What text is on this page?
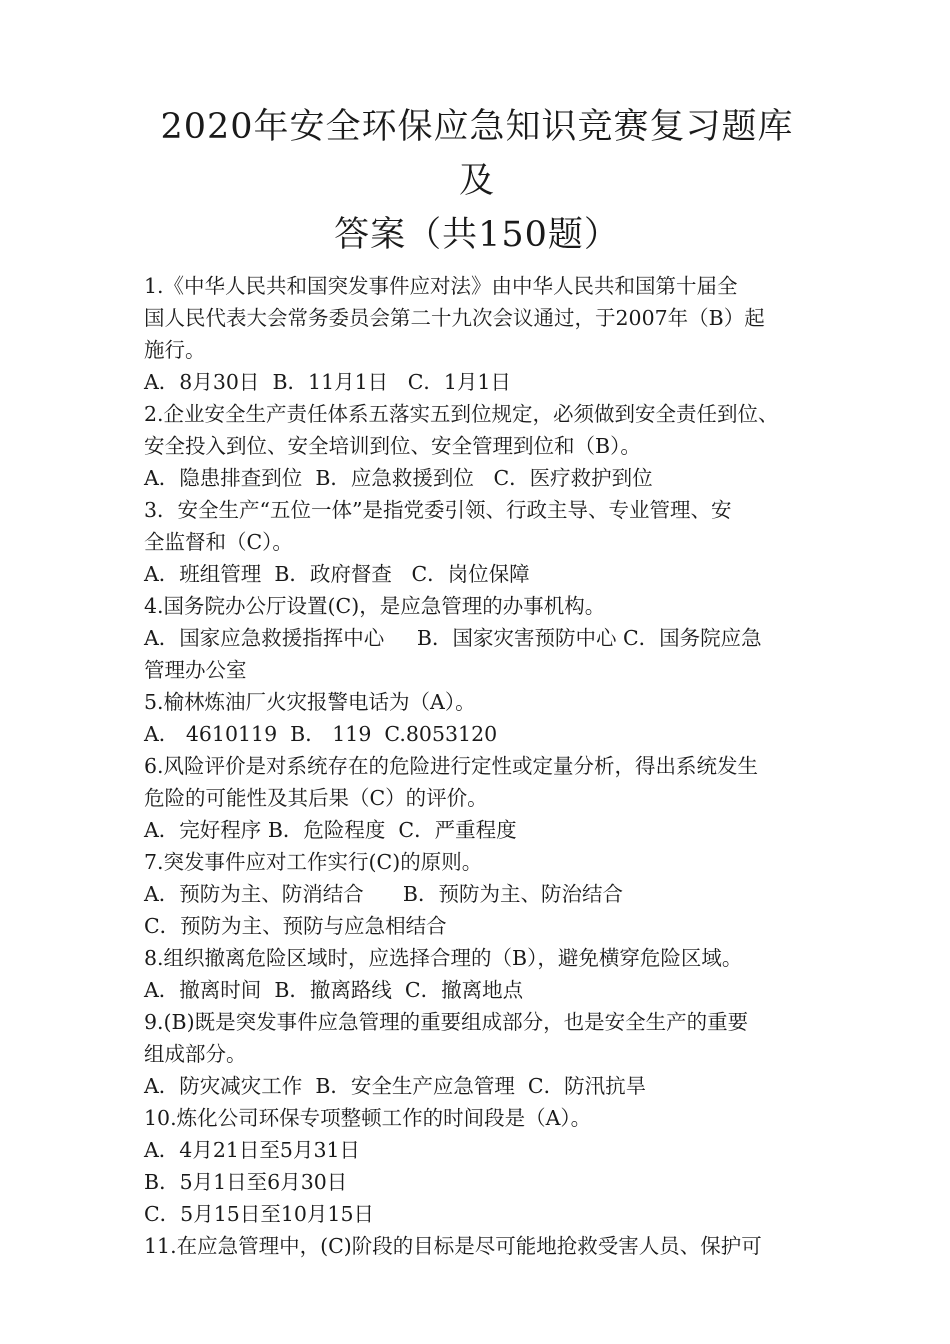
2020年安全环保应急知识竞赛复习题库及
答案（共150题）
1.《中华人民共和国突发事件应对法》由中华人民共和国第十届全
国人民代表大会常务委员会第二十九次会议通过，于2007年（B）起
施行。
A．8月30日  B．11月1日   C．1月1日
2.企业安全生产责任体系五落实五到位规定，必须做到安全责任到位、
安全投入到位、安全培训到位、安全管理到位和（B）。
A．隐患排查到位  B．应急救援到位   C．医疗救护到位
3．安全生产“五位一体”是指党委引领、行政主导、专业管理、安
全监督和（C）。
A．班组管理  B．政府督查   C．岗位保障
4.国务院办公厅设置(C)，是应急管理的办事机构。
A．国家应急救援指挥中心     B．国家灾害预防中心 C．国务院应急
管理办公室
5.榆林炼油厂火灾报警电话为（A）。
A． 4610119  B． 119  C.8053120
6.风险评价是对系统存在的危险进行定性或定量分析，得出系统发生
危险的可能性及其后果（C）的评价。
A．完好程序 B．危险程度  C．严重程度
7.突发事件应对工作实行(C)的原则。
A．预防为主、防消结合      B．预防为主、防治结合
C．预防为主、预防与应急相结合
8.组织撤离危险区域时，应选择合理的（B），避免横穿危险区域。
A．撤离时间  B．撤离路线  C．撤离地点
9.(B)既是突发事件应急管理的重要组成部分，也是安全生产的重要
组成部分。
A．防灾减灾工作  B．安全生产应急管理  C．防汛抗旱
10.炼化公司环保专项整顿工作的时间段是（A）。
A．4月21日至5月31日
B．5月1日至6月30日
C．5月15日至10月15日
11.在应急管理中，(C)阶段的目标是尽可能地抢救受害人员、保护可
